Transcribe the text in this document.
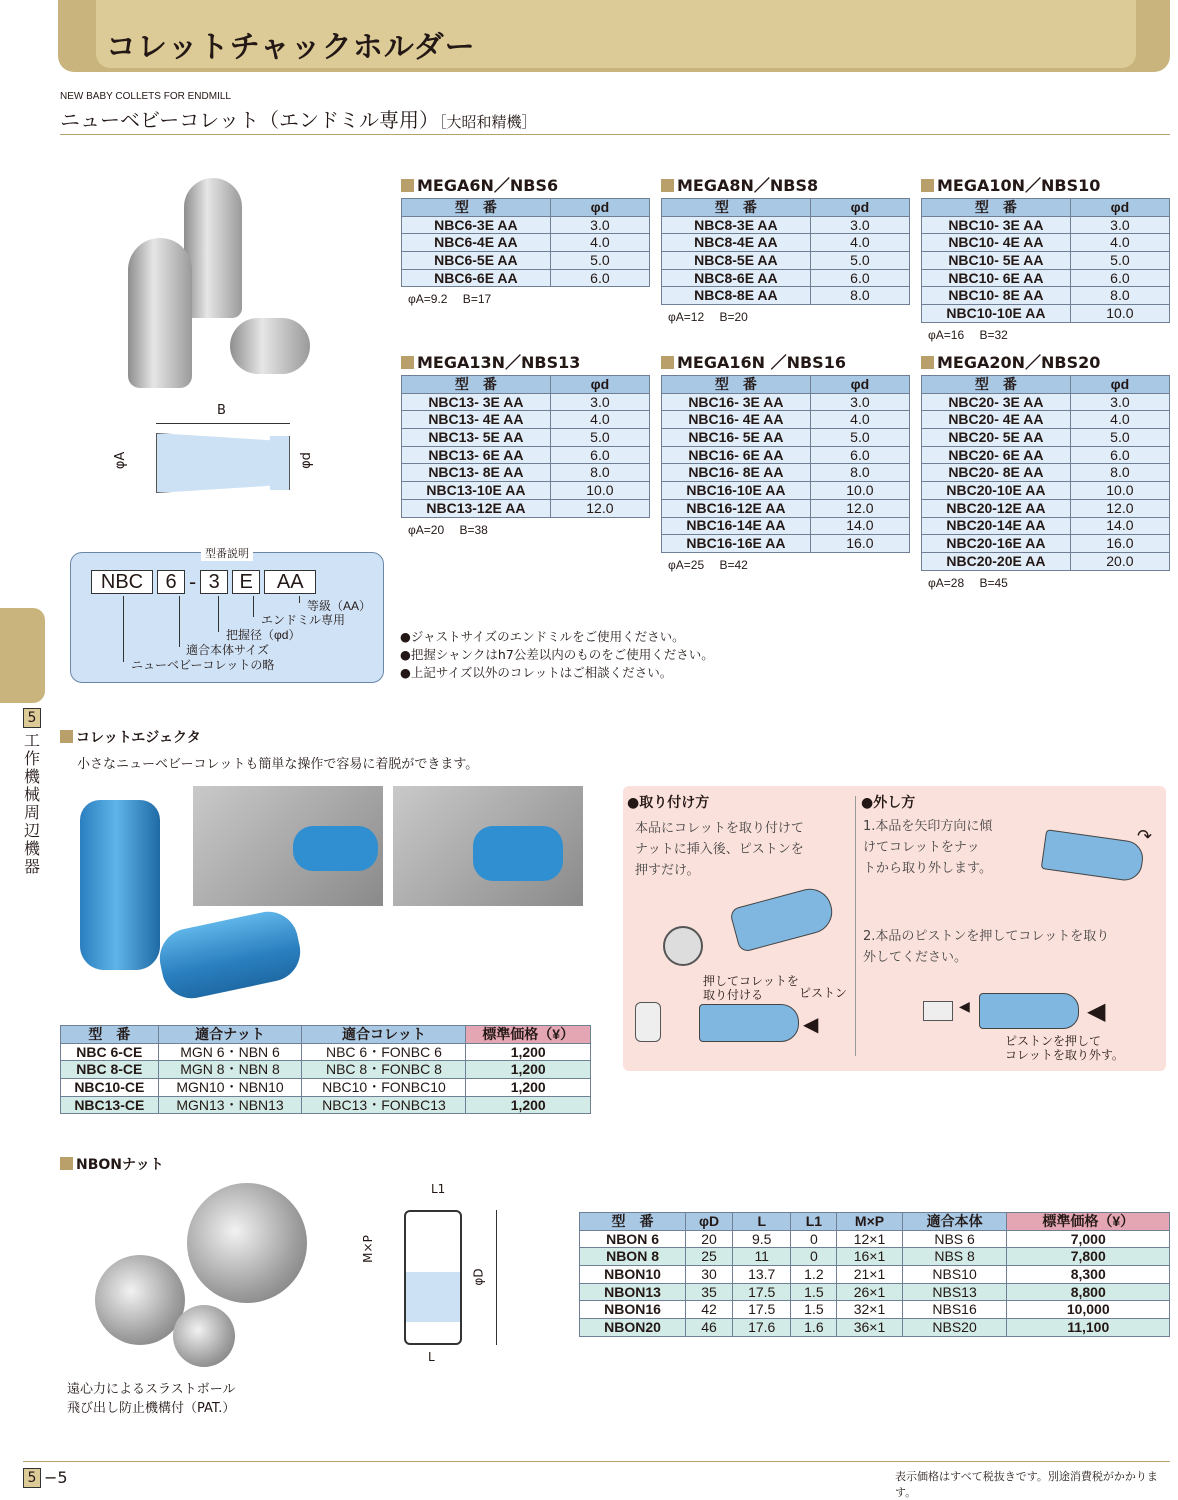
コレットチャックホルダー
NEW BABY COLLETS FOR ENDMILL
ニューベビーコレット（エンドミル専用）［大昭和精機］
B
φA	φd
MEGA6N／NBS6
型　番	φd
NBC6-3E AA	3.0
NBC6-4E AA	4.0
NBC6-5E AA	5.0
NBC6-6E AA	6.0
φA=9.2　 B=17
MEGA8N／NBS8
型　番	φd
NBC8-3E AA	3.0
NBC8-4E AA	4.0
NBC8-5E AA	5.0
NBC8-6E AA	6.0
NBC8-8E AA	8.0
φA=12　 B=20
MEGA10N／NBS10
型　番	φd
NBC10- 3E AA	3.0
NBC10- 4E AA	4.0
NBC10- 5E AA	5.0
NBC10- 6E AA	6.0
NBC10- 8E AA	8.0
NBC10-10E AA	10.0
φA=16　 B=32
MEGA13N／NBS13
型　番	φd
NBC13- 3E AA	3.0
NBC13- 4E AA	4.0
NBC13- 5E AA	5.0
NBC13- 6E AA	6.0
NBC13- 8E AA	8.0
NBC13-10E AA	10.0
NBC13-12E AA	12.0
φA=20　 B=38
MEGA16N ／NBS16
型　番	φd
NBC16- 3E AA	3.0
NBC16- 4E AA	4.0
NBC16- 5E AA	5.0
NBC16- 6E AA	6.0
NBC16- 8E AA	8.0
NBC16-10E AA	10.0
NBC16-12E AA	12.0
NBC16-14E AA	14.0
NBC16-16E AA	16.0
φA=25　 B=42
MEGA20N／NBS20
型　番	φd
NBC20- 3E AA	3.0
NBC20- 4E AA	4.0
NBC20- 5E AA	5.0
NBC20- 6E AA	6.0
NBC20- 8E AA	8.0
NBC20-10E AA	10.0
NBC20-12E AA	12.0
NBC20-14E AA	14.0
NBC20-16E AA	16.0
NBC20-20E AA	20.0
φA=28　 B=45
型番説明
NBC	6 - 3 E	AA
等級（AA）
エンドミル専用
把握径（φd）
適合本体サイズ
ニューベビーコレットの略
●ジャストサイズのエンドミルをご使用ください。
●把握シャンクはh7公差以内のものをご使用ください。
●上記サイズ以外のコレットはご相談ください。
5
工作機械周辺機器
コレットエジェクタ
小さなニューベビーコレットも簡単な操作で容易に着脱ができます。
●取り付け方
本品にコレットを取り付けて
ナットに挿入後、ピストンを
押すだけ。
押してコレットを
取り付ける	ピストン
◀
●外し方
1.本品を矢印方向に傾
けてコレットをナッ
トから取り外します。
↷
2.本品のピストンを押してコレットを取り
外してください。
◀	◀
ピストンを押して
コレットを取り外す。
型　番	適合ナット	適合コレット	標準価格（¥）
NBC 6-CE	MGN 6・NBN 6	NBC 6・FONBC 6	1,200
NBC 8-CE	MGN 8・NBN 8	NBC 8・FONBC 8	1,200
NBC10-CE	MGN10・NBN10	NBC10・FONBC10	1,200
NBC13-CE	MGN13・NBN13	NBC13・FONBC13	1,200
NBONナット
遠心力によるスラストボール
飛び出し防止機構付（PAT.）
L1
M×P
φD
L
型　番	φD	L	L1	M×P	適合本体	標準価格（¥）
NBON 6	20	9.5	0	12×1	NBS 6	7,000
NBON 8	25	11	0	16×1	NBS 8	7,800
NBON10	30	13.7	1.2	21×1	NBS10	8,300
NBON13	35	17.5	1.5	26×1	NBS13	8,800
NBON16	42	17.5	1.5	32×1	NBS16	10,000
NBON20	46	17.6	1.6	36×1	NBS20	11,100
5 −5	表示価格はすべて税抜きです。別途消費税がかかります。
